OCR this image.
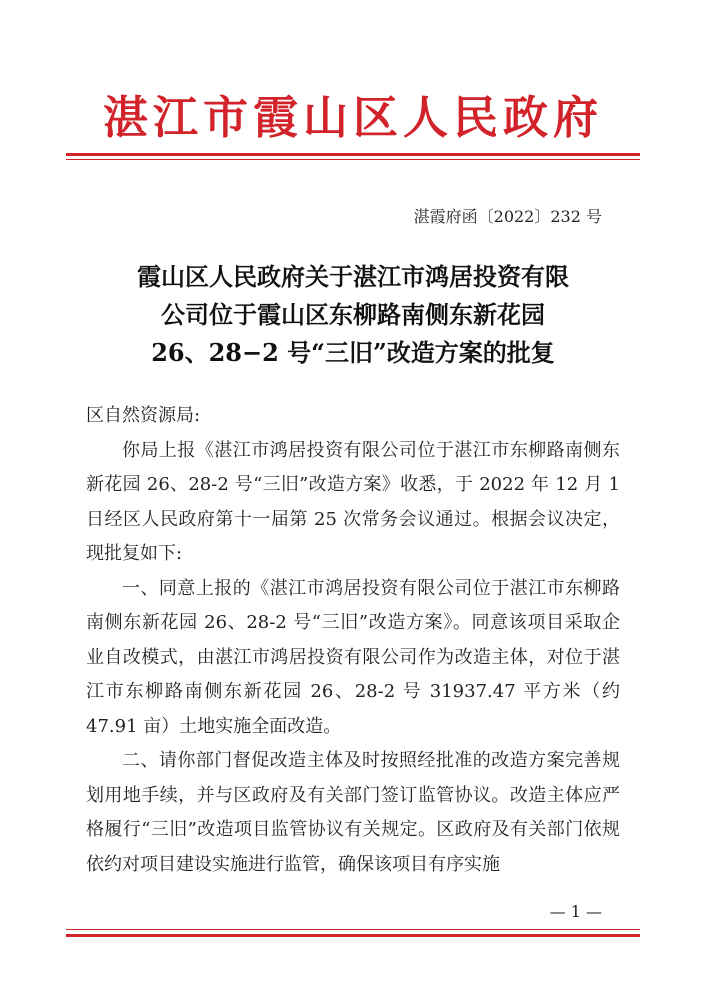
湛江市霞山区人民政府
湛霞府函〔2022〕232 号
霞山区人民政府关于湛江市鸿居投资有限
公司位于霞山区东柳路南侧东新花园
26、28−2 号“三旧”改造方案的批复

区自然资源局:

你局上报《湛江市鸿居投资有限公司位于湛江市东柳路南侧东新花园 26、28-2 号“三旧”改造方案》收悉，于 2022 年 12 月 1 日经区人民政府第十一届第 25 次常务会议通过。根据会议决定，现批复如下:

一、同意上报的《湛江市鸿居投资有限公司位于湛江市东柳路南侧东新花园 26、28-2 号“三旧”改造方案》。同意该项目采取企业自改模式，由湛江市鸿居投资有限公司作为改造主体，对位于湛江市东柳路南侧东新花园 26、28-2 号 31937.47 平方米（约 47.91 亩）土地实施全面改造。

二、请你部门督促改造主体及时按照经批准的改造方案完善规划用地手续，并与区政府及有关部门签订监管协议。改造主体应严格履行“三旧”改造项目监管协议有关规定。区政府及有关部门依规依约对项目建设实施进行监管，确保该项目有序实施

— 1 —
